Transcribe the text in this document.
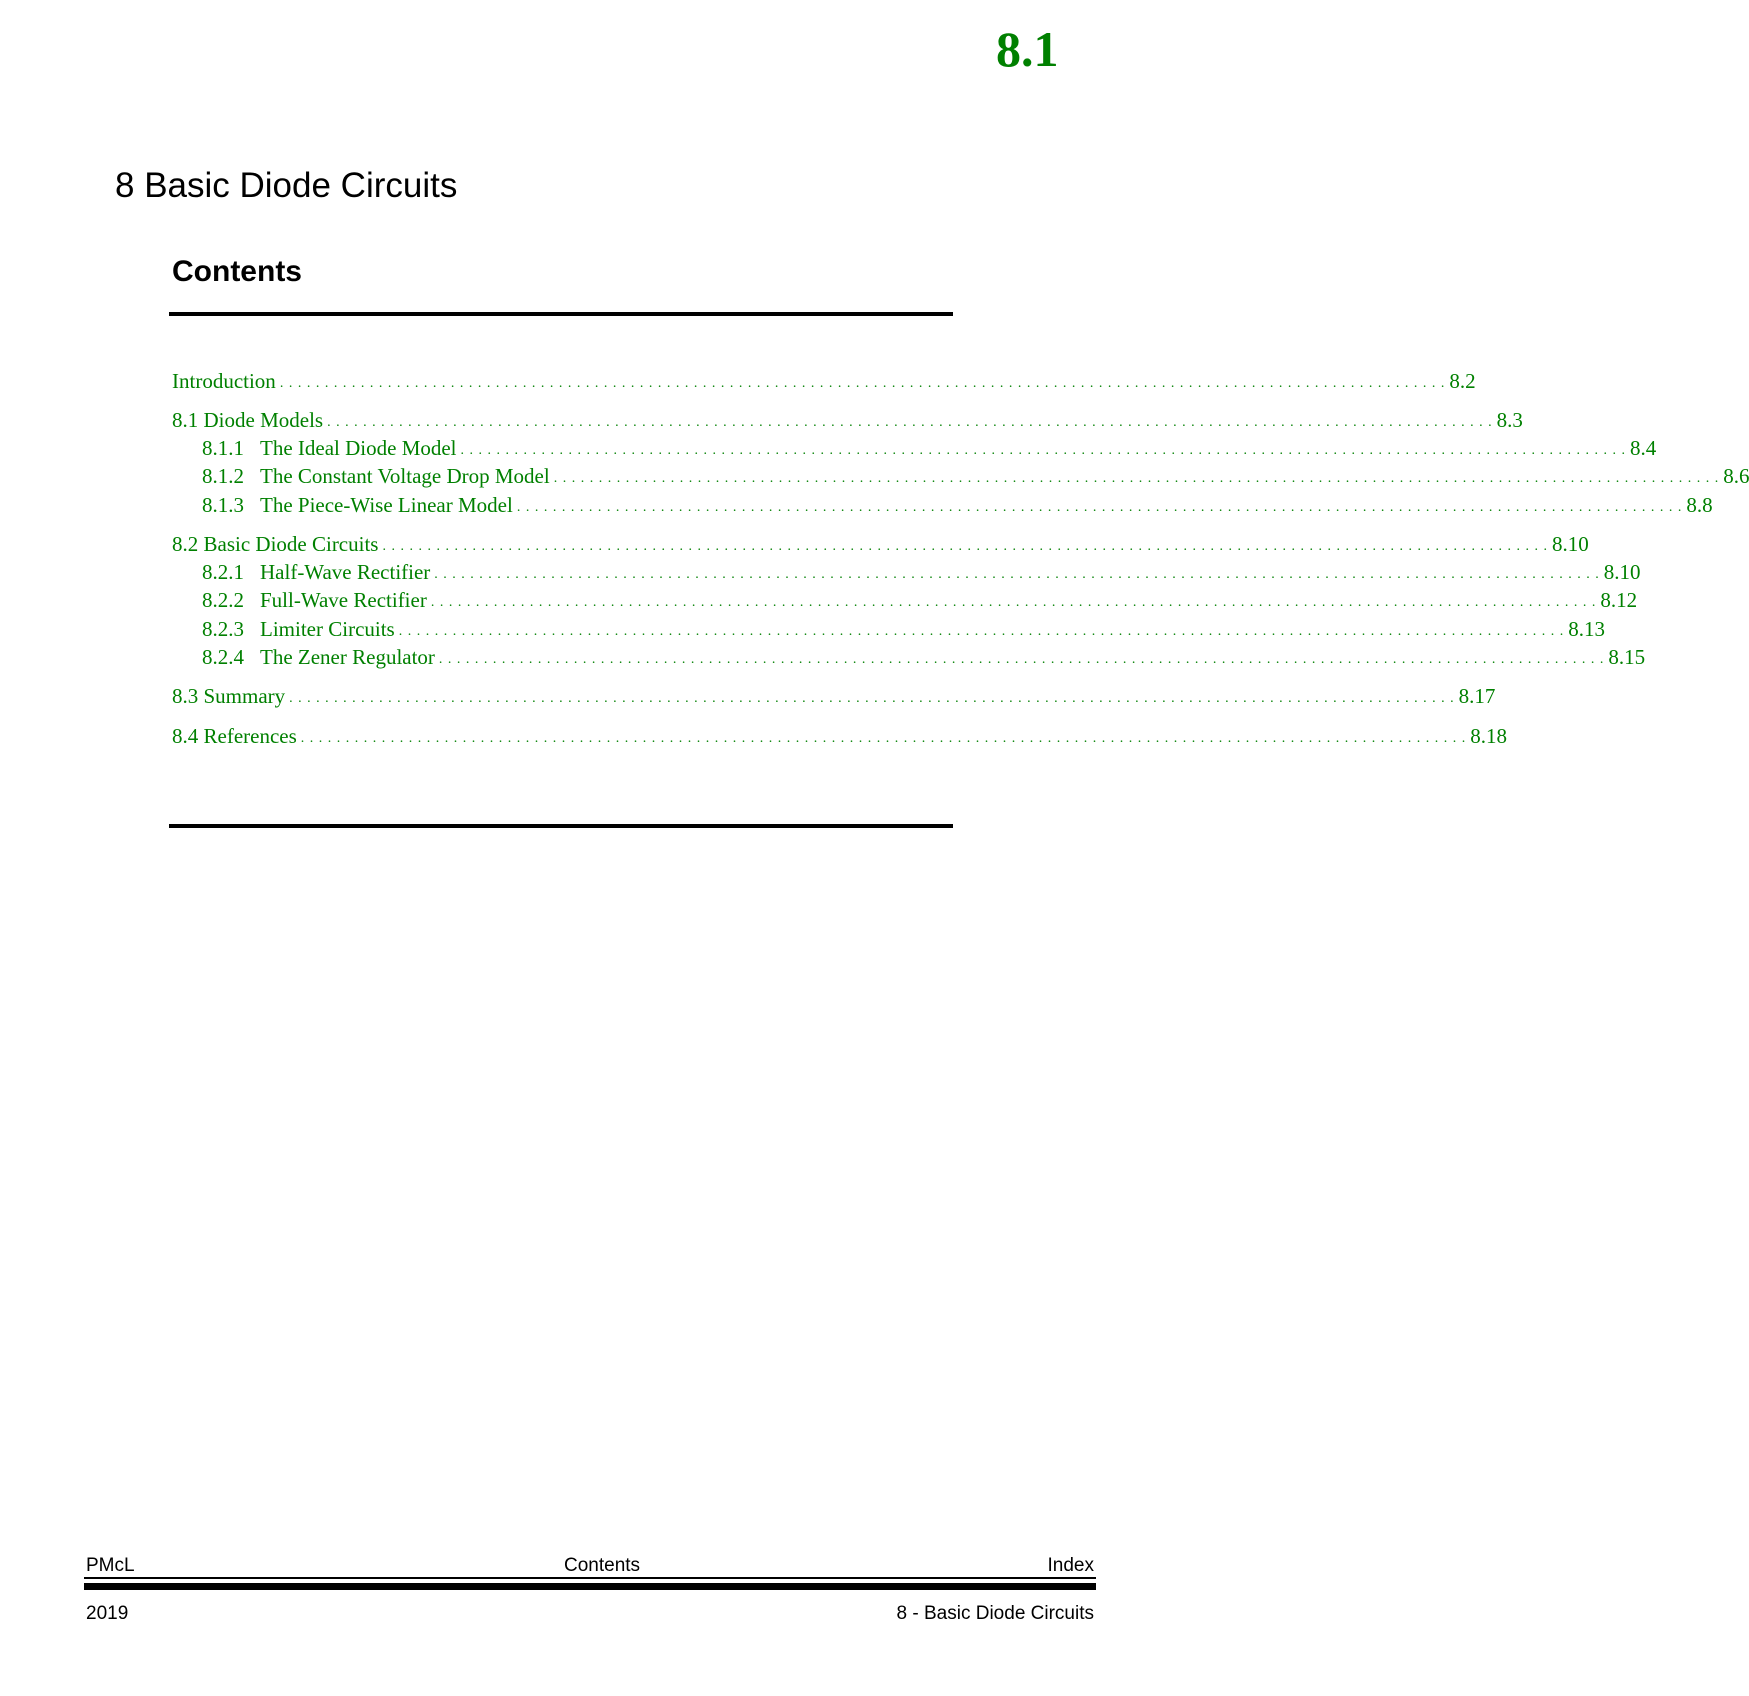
8.1
8 Basic Diode Circuits
Contents
Introduction . . . . . . . . . . . . . . . . . . . . . . . . . . . . . . . . . . . . . . . . . . . . . . . . . . . . . . . . . . . . . . . . . . . . . . . . . . . . . . . . . . . . . . . . . . . . . . . . . . . . . . . . . . . . . . . . . . . . . . . . . . . . . . . . . . 8.2
8.1 Diode Models . . . . . . . . . . . . . . . . . . . . . . . . . . . . . . . . . . . . . . . . . . . . . . . . . . . . . . . . . . . . . . . . . . . . . . . . . . . . . . . . . . . . . . . . . . . . . . . . . . . . . . . . . . . . . . . . . . . . . . . . . . . . . . . . . . 8.3
8.1.1 The Ideal Diode Model . . . . . . . . . . . . . . . . . . . . . . . . . . . . . . . . . . . . . . . . . . . . . . . . . . . . . . . . . . . . . . . . . . . . . . . . . . . . . . . . . . . . . . . . . . . . . . . . . . . . . . . . . . . . . . . . . . . . . . . . . . . . . . . . . . 8.4
8.1.2 The Constant Voltage Drop Model . . . . . . . . . . . . . . . . . . . . . . . . . . . . . . . . . . . . . . . . . . . . . . . . . . . . . . . . . . . . . . . . . . . . . . . . . . . . . . . . . . . . . . . . . . . . . . . . . . . . . . . . . . . . . . . . . . . . . . . . . . . . . . . . . . 8.6
8.1.3 The Piece-Wise Linear Model . . . . . . . . . . . . . . . . . . . . . . . . . . . . . . . . . . . . . . . . . . . . . . . . . . . . . . . . . . . . . . . . . . . . . . . . . . . . . . . . . . . . . . . . . . . . . . . . . . . . . . . . . . . . . . . . . . . . . . . . . . . . . . . . . . 8.8
8.2 Basic Diode Circuits . . . . . . . . . . . . . . . . . . . . . . . . . . . . . . . . . . . . . . . . . . . . . . . . . . . . . . . . . . . . . . . . . . . . . . . . . . . . . . . . . . . . . . . . . . . . . . . . . . . . . . . . . . . . . . . . . . . . . . . . . . . . . . . . . . 8.10
8.2.1 Half-Wave Rectifier . . . . . . . . . . . . . . . . . . . . . . . . . . . . . . . . . . . . . . . . . . . . . . . . . . . . . . . . . . . . . . . . . . . . . . . . . . . . . . . . . . . . . . . . . . . . . . . . . . . . . . . . . . . . . . . . . . . . . . . . . . . . . . . . . . 8.10
8.2.2 Full-Wave Rectifier . . . . . . . . . . . . . . . . . . . . . . . . . . . . . . . . . . . . . . . . . . . . . . . . . . . . . . . . . . . . . . . . . . . . . . . . . . . . . . . . . . . . . . . . . . . . . . . . . . . . . . . . . . . . . . . . . . . . . . . . . . . . . . . . . . 8.12
8.2.3 Limiter Circuits . . . . . . . . . . . . . . . . . . . . . . . . . . . . . . . . . . . . . . . . . . . . . . . . . . . . . . . . . . . . . . . . . . . . . . . . . . . . . . . . . . . . . . . . . . . . . . . . . . . . . . . . . . . . . . . . . . . . . . . . . . . . . . . . . . 8.13
8.2.4 The Zener Regulator . . . . . . . . . . . . . . . . . . . . . . . . . . . . . . . . . . . . . . . . . . . . . . . . . . . . . . . . . . . . . . . . . . . . . . . . . . . . . . . . . . . . . . . . . . . . . . . . . . . . . . . . . . . . . . . . . . . . . . . . . . . . . . . . . . 8.15
8.3 Summary . . . . . . . . . . . . . . . . . . . . . . . . . . . . . . . . . . . . . . . . . . . . . . . . . . . . . . . . . . . . . . . . . . . . . . . . . . . . . . . . . . . . . . . . . . . . . . . . . . . . . . . . . . . . . . . . . . . . . . . . . . . . . . . . . . 8.17
8.4 References . . . . . . . . . . . . . . . . . . . . . . . . . . . . . . . . . . . . . . . . . . . . . . . . . . . . . . . . . . . . . . . . . . . . . . . . . . . . . . . . . . . . . . . . . . . . . . . . . . . . . . . . . . . . . . . . . . . . . . . . . . . . . . . . . . 8.18
PMcL	Contents	Index
2019	8 - Basic Diode Circuits
